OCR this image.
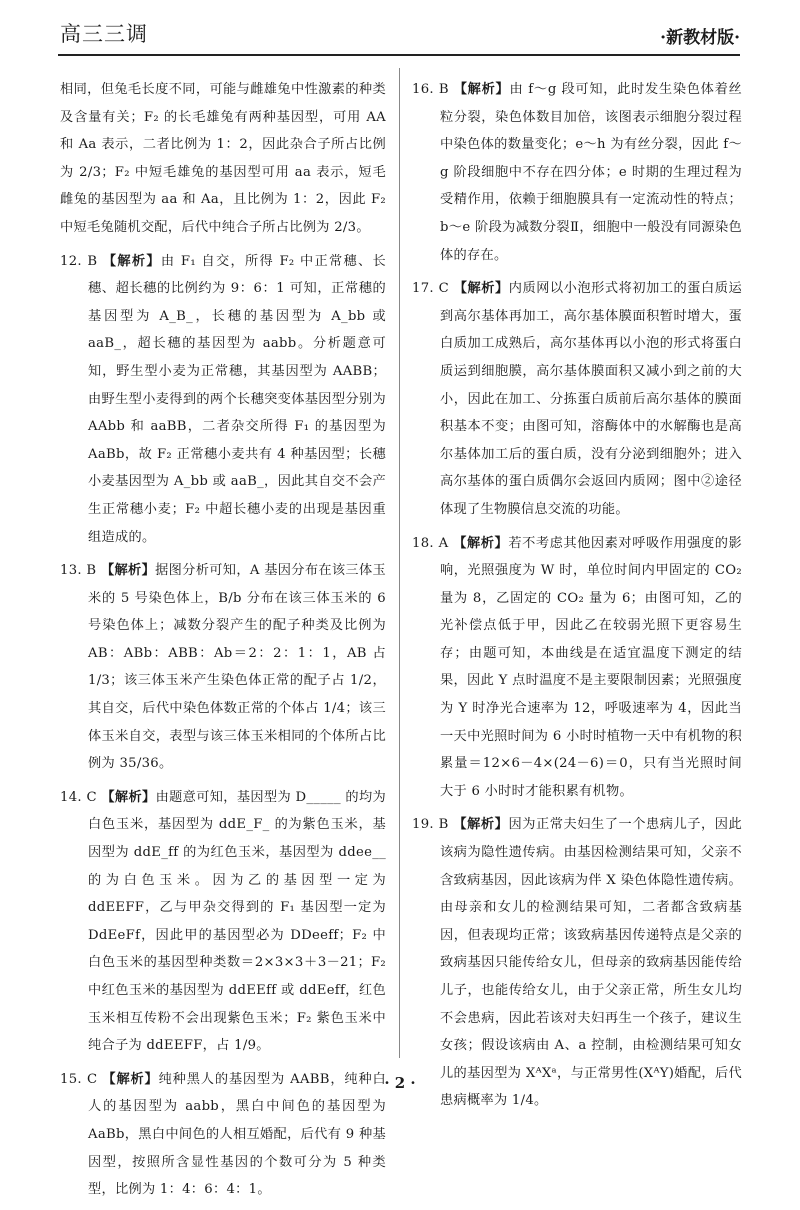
高三三调	·新教材版·
相同，但兔毛长度不同，可能与雌雄兔中性激素的种类及含量有关；F₂ 的长毛雄兔有两种基因型，可用 AA 和 Aa 表示，二者比例为 1：2，因此杂合子所占比例为 2/3；F₂ 中短毛雄兔的基因型可用 aa 表示，短毛雌兔的基因型为 aa 和 Aa，且比例为 1：2，因此 F₂ 中短毛兔随机交配，后代中纯合子所占比例为 2/3。
12. B 【解析】由 F₁ 自交，所得 F₂ 中正常穗、长穗、超长穗的比例约为 9：6：1 可知，正常穗的基因型为 A_B_，长穗的基因型为 A_bb 或 aaB_，超长穗的基因型为 aabb。分析题意可知，野生型小麦为正常穗，其基因型为 AABB；由野生型小麦得到的两个长穗突变体基因型分别为 AAbb 和 aaBB，二者杂交所得 F₁ 的基因型为 AaBb，故 F₂ 正常穗小麦共有 4 种基因型；长穗小麦基因型为 A_bb 或 aaB_，因此其自交不会产生正常穗小麦；F₂ 中超长穗小麦的出现是基因重组造成的。
13. B 【解析】据图分析可知，A 基因分布在该三体玉米的 5 号染色体上，B/b 分布在该三体玉米的 6 号染色体上；减数分裂产生的配子种类及比例为 AB：ABb：ABB：Ab＝2：2：1：1，AB 占 1/3；该三体玉米产生染色体正常的配子占 1/2，其自交，后代中染色体数正常的个体占 1/4；该三体玉米自交，表型与该三体玉米相同的个体所占比例为 35/36。
14. C 【解析】由题意可知，基因型为 D_____ 的均为白色玉米，基因型为 ddE_F_ 的为紫色玉米，基因型为 ddE_ff 的为红色玉米，基因型为 ddee__ 的为白色玉米。因为乙的基因型一定为 ddEEFF，乙与甲杂交得到的 F₁ 基因型一定为 DdEeFf，因此甲的基因型必为 DDeeff；F₂ 中白色玉米的基因型种类数＝2×3×3＋3－21；F₂ 中红色玉米的基因型为 ddEEff 或 ddEeff，红色玉米相互传粉不会出现紫色玉米；F₂ 紫色玉米中纯合子为 ddEEFF，占 1/9。
15. C 【解析】纯种黑人的基因型为 AABB，纯种白人的基因型为 aabb，黑白中间色的基因型为 AaBb，黑白中间色的人相互婚配，后代有 9 种基因型，按照所含显性基因的个数可分为 5 种类型，比例为 1：4：6：4：1。
16. B 【解析】由 f～g 段可知，此时发生染色体着丝粒分裂，染色体数目加倍，该图表示细胞分裂过程中染色体的数量变化；e～h 为有丝分裂，因此 f～g 阶段细胞中不存在四分体；e 时期的生理过程为受精作用，依赖于细胞膜具有一定流动性的特点；b～e 阶段为减数分裂Ⅱ，细胞中一般没有同源染色体的存在。
17. C 【解析】内质网以小泡形式将初加工的蛋白质运到高尔基体再加工，高尔基体膜面积暂时增大，蛋白质加工成熟后，高尔基体再以小泡的形式将蛋白质运到细胞膜，高尔基体膜面积又减小到之前的大小，因此在加工、分拣蛋白质前后高尔基体的膜面积基本不变；由图可知，溶酶体中的水解酶也是高尔基体加工后的蛋白质，没有分泌到细胞外；进入高尔基体的蛋白质偶尔会返回内质网；图中②途径体现了生物膜信息交流的功能。
18. A 【解析】若不考虑其他因素对呼吸作用强度的影响，光照强度为 W 时，单位时间内甲固定的 CO₂ 量为 8，乙固定的 CO₂ 量为 6；由图可知，乙的光补偿点低于甲，因此乙在较弱光照下更容易生存；由题可知，本曲线是在适宜温度下测定的结果，因此 Y 点时温度不是主要限制因素；光照强度为 Y 时净光合速率为 12，呼吸速率为 4，因此当一天中光照时间为 6 小时时植物一天中有机物的积累量＝12×6－4×(24－6)＝0，只有当光照时间大于 6 小时时才能积累有机物。
19. B 【解析】因为正常夫妇生了一个患病儿子，因此该病为隐性遗传病。由基因检测结果可知，父亲不含致病基因，因此该病为伴 X 染色体隐性遗传病。由母亲和女儿的检测结果可知，二者都含致病基因，但表现均正常；该致病基因传递特点是父亲的致病基因只能传给女儿，但母亲的致病基因能传给儿子，也能传给女儿，由于父亲正常，所生女儿均不会患病，因此若该对夫妇再生一个孩子，建议生女孩；假设该病由 A、a 控制，由检测结果可知女儿的基因型为 XᴬXᵃ，与正常男性(XᴬY)婚配，后代患病概率为 1/4。
· 2 ·
